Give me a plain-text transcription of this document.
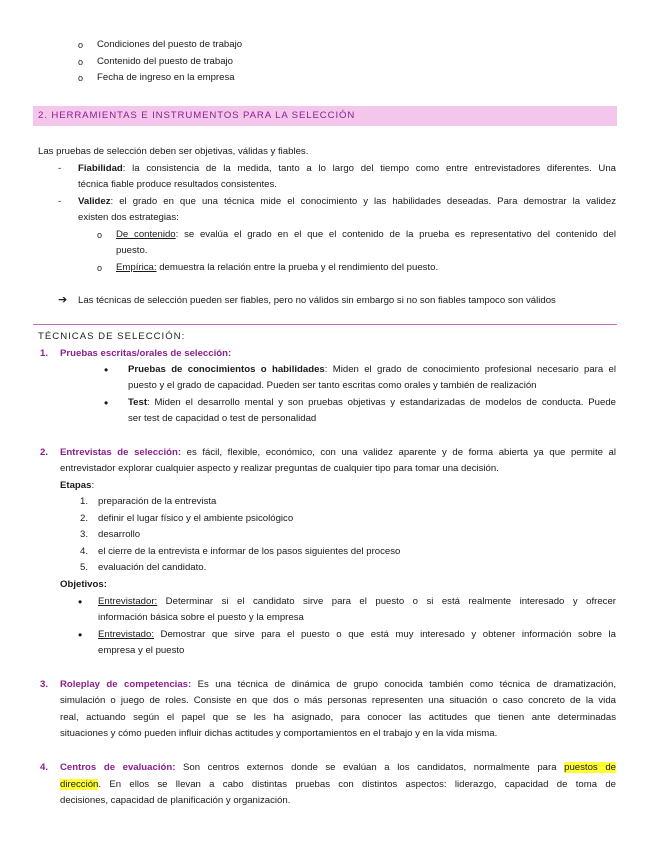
o Condiciones del puesto de trabajo
o Contenido del puesto de trabajo
o Fecha de ingreso en la empresa
2. HERRAMIENTAS E INSTRUMENTOS PARA LA SELECCIÓN
Las pruebas de selección deben ser objetivas, válidas y fiables.
- Fiabilidad: la consistencia de la medida, tanto a lo largo del tiempo como entre entrevistadores diferentes. Una
técnica fiable produce resultados consistentes.
- Validez: el grado en que una técnica mide el conocimiento y las habilidades deseadas. Para demostrar la validez
existen dos estrategias:
o De contenido: se evalúa el grado en el que el contenido de la prueba es representativo del contenido del
puesto.
o Empírica: demuestra la relación entre la prueba y el rendimiento del puesto.
➔ Las técnicas de selección pueden ser fiables, pero no válidos sin embargo si no son fiables tampoco son válidos
TÉCNICAS DE SELECCIÓN:
1. Pruebas escritas/orales de selección:
• Pruebas de conocimientos o habilidades: Miden el grado de conocimiento profesional necesario para el
puesto y el grado de capacidad. Pueden ser tanto escritas como orales y también de realización
• Test: Miden el desarrollo mental y son pruebas objetivas y estandarizadas de modelos de conducta. Puede
ser test de capacidad o test de personalidad
2. Entrevistas de selección: es fácil, flexible, económico, con una validez aparente y de forma abierta ya que permite al
entrevistador explorar cualquier aspecto y realizar preguntas de cualquier tipo para tomar una decisión.
Etapas:
1. preparación de la entrevista
2. definir el lugar físico y el ambiente psicológico
3. desarrollo
4. el cierre de la entrevista e informar de los pasos siguientes del proceso
5. evaluación del candidato.
Objetivos:
• Entrevistador: Determinar si el candidato sirve para el puesto o si está realmente interesado y ofrecer
información básica sobre el puesto y la empresa
• Entrevistado: Demostrar que sirve para el puesto o que está muy interesado y obtener información sobre la
empresa y el puesto
3. Roleplay de competencias: Es una técnica de dinámica de grupo conocida también como técnica de dramatización,
simulación o juego de roles. Consiste en que dos o más personas representen una situación o caso concreto de la vida
real, actuando según el papel que se les ha asignado, para conocer las actitudes que tienen ante determinadas
situaciones y cómo pueden influir dichas actitudes y comportamientos en el trabajo y en la vida misma.
4. Centros de evaluación: Son centros externos donde se evalúan a los candidatos, normalmente para puestos de
dirección. En ellos se llevan a cabo distintas pruebas con distintos aspectos: liderazgo, capacidad de toma de
decisiones, capacidad de planificación y organización.
